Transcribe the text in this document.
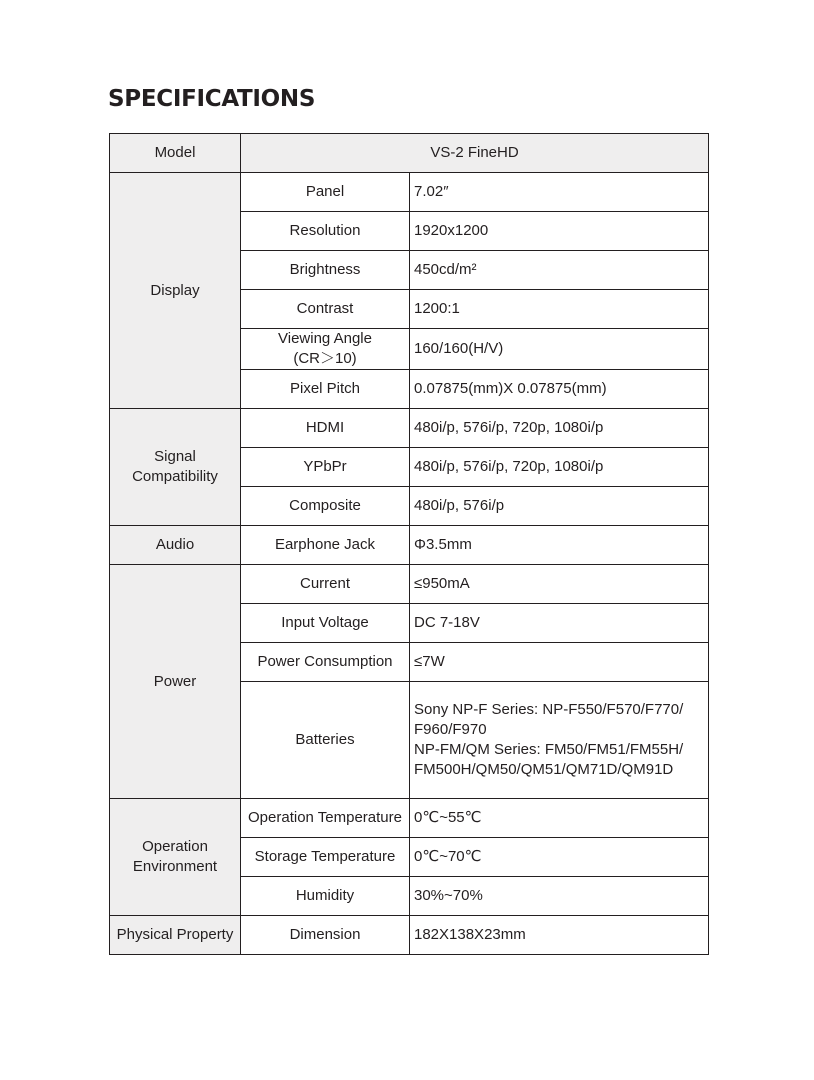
SPECIFICATIONS
Model	VS-2 FineHD	

Display	Panel	7.02″

	Resolution	1920x1200

	Brightness	450cd/m²

	Contrast	1200:1

	Viewing Angle
(CR＞10)	160/160(H/V)

	Pixel Pitch	0.07875(mm)X 0.07875(mm)

Signal
Compatibility	HDMI	480i/p, 576i/p, 720p, 1080i/p

	YPbPr	480i/p, 576i/p, 720p, 1080i/p

	Composite	480i/p, 576i/p

Audio	Earphone Jack	Φ3.5mm

Power	Current	≤950mA

	Input Voltage	DC 7-18V

	Power Consumption	≤7W

	Batteries	Sony NP-F Series: NP-F550/F570/F770/
F960/F970
NP-FM/QM Series: FM50/FM51/FM55H/
FM500H/QM50/QM51/QM71D/QM91D

Operation
Environment	Operation Temperature	0℃~55℃

	Storage Temperature	0℃~70℃

	Humidity	30%~70%

Physical Property	Dimension	182X138X23mm
